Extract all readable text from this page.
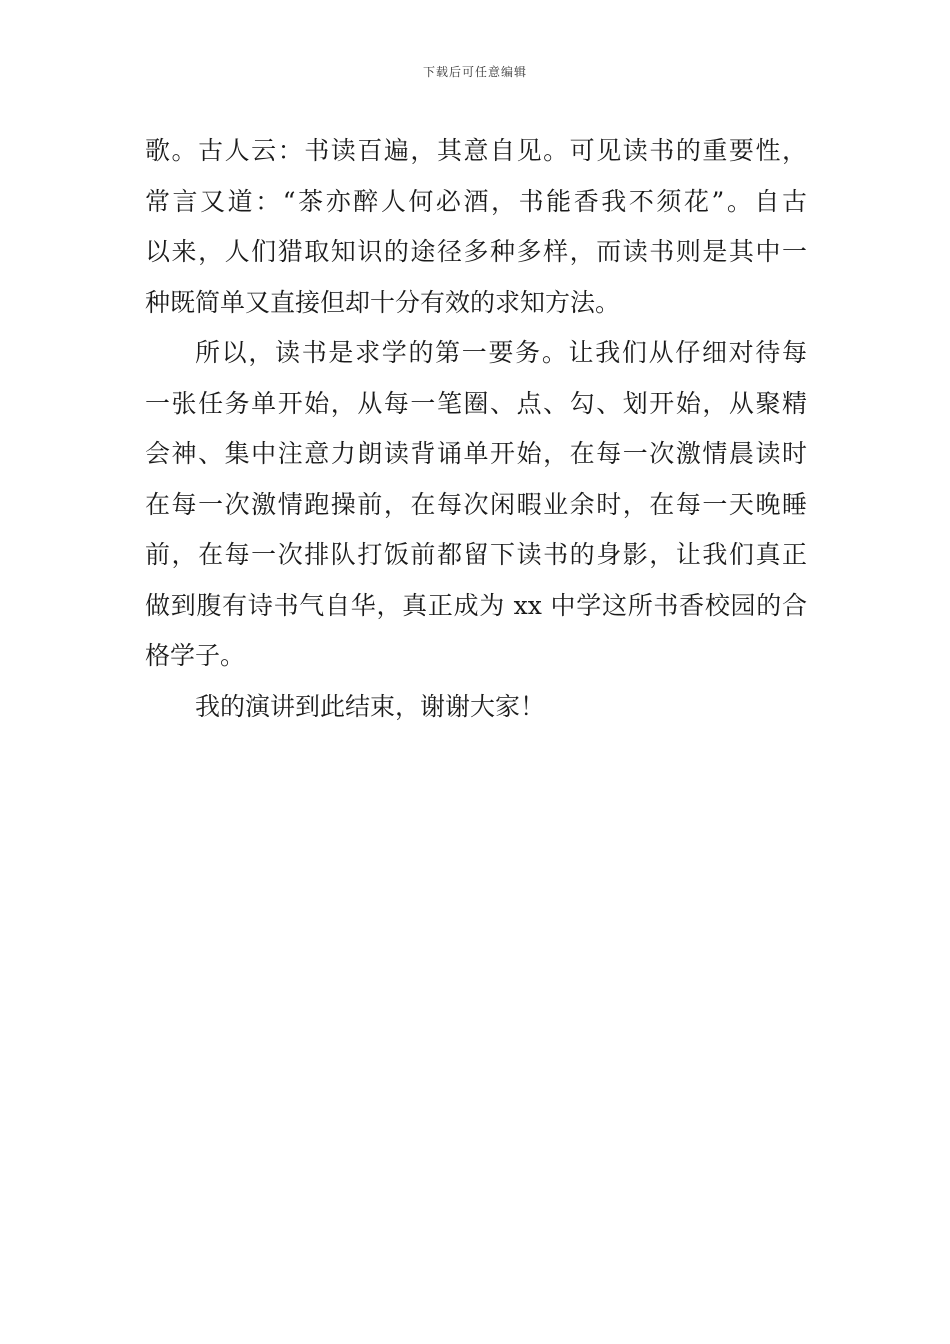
下载后可任意编辑
歌。古人云：书读百遍，其意自见。可见读书的重要性，
常言又道：“茶亦醉人何必酒，书能香我不须花”。自古
以来，人们猎取知识的途径多种多样，而读书则是其中一
种既简单又直接但却十分有效的求知方法。
所以，读书是求学的第一要务。让我们从仔细对待每
一张任务单开始，从每一笔圈、点、勾、划开始，从聚精
会神、集中注意力朗读背诵单开始，在每一次激情晨读时
在每一次激情跑操前，在每次闲暇业余时，在每一天晚睡
前，在每一次排队打饭前都留下读书的身影，让我们真正
做到腹有诗书气自华，真正成为 xx 中学这所书香校园的合
格学子。
我的演讲到此结束，谢谢大家！
